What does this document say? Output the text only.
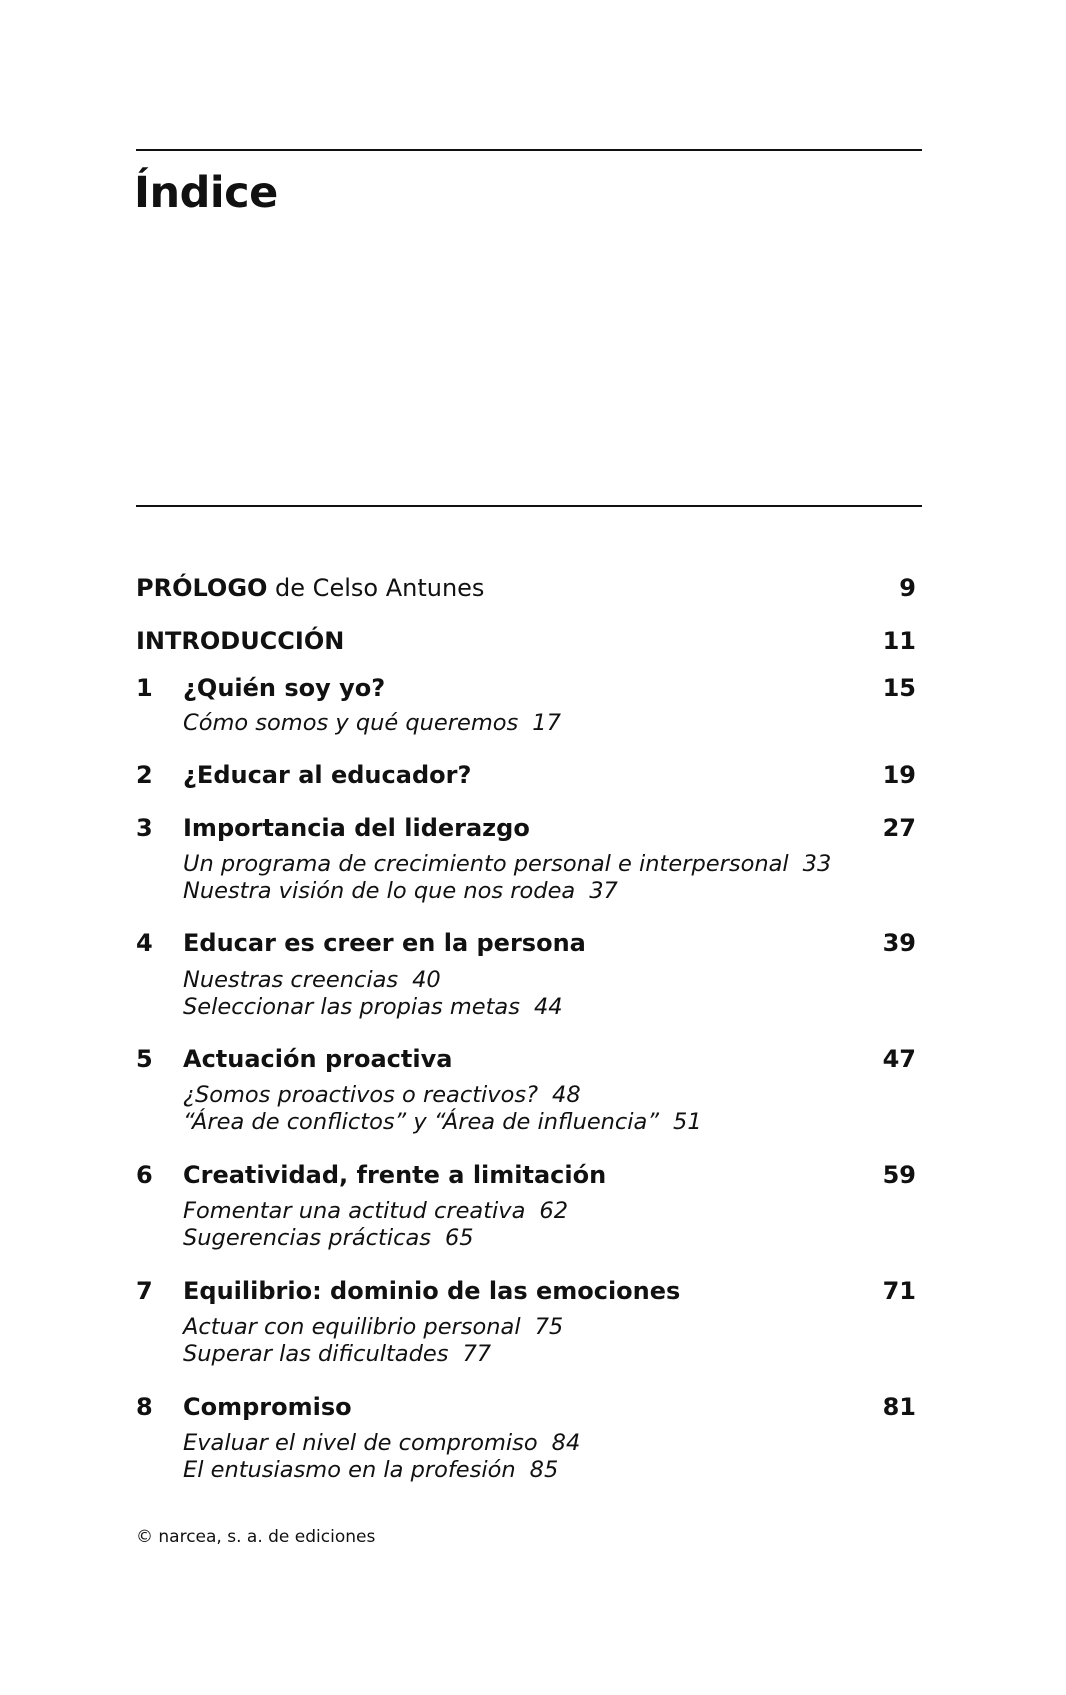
Índice
PRÓLOGO de Celso Antunes	9
INTRODUCCIÓN	11
1 ¿Quién soy yo?	15
Cómo somos y qué queremos 17
2 ¿Educar al educador?	19
3 Importancia del liderazgo	27
Un programa de crecimiento personal e interpersonal 33
Nuestra visión de lo que nos rodea 37
4 Educar es creer en la persona	39
Nuestras creencias 40
Seleccionar las propias metas 44
5 Actuación proactiva	47
¿Somos proactivos o reactivos? 48
“Área de conflictos” y “Área de influencia” 51
6 Creatividad, frente a limitación	59
Fomentar una actitud creativa 62
Sugerencias prácticas 65
7 Equilibrio: dominio de las emociones	71
Actuar con equilibrio personal 75
Superar las dificultades 77
8 Compromiso	81
Evaluar el nivel de compromiso 84
El entusiasmo en la profesión 85
© narcea, s. a. de ediciones
